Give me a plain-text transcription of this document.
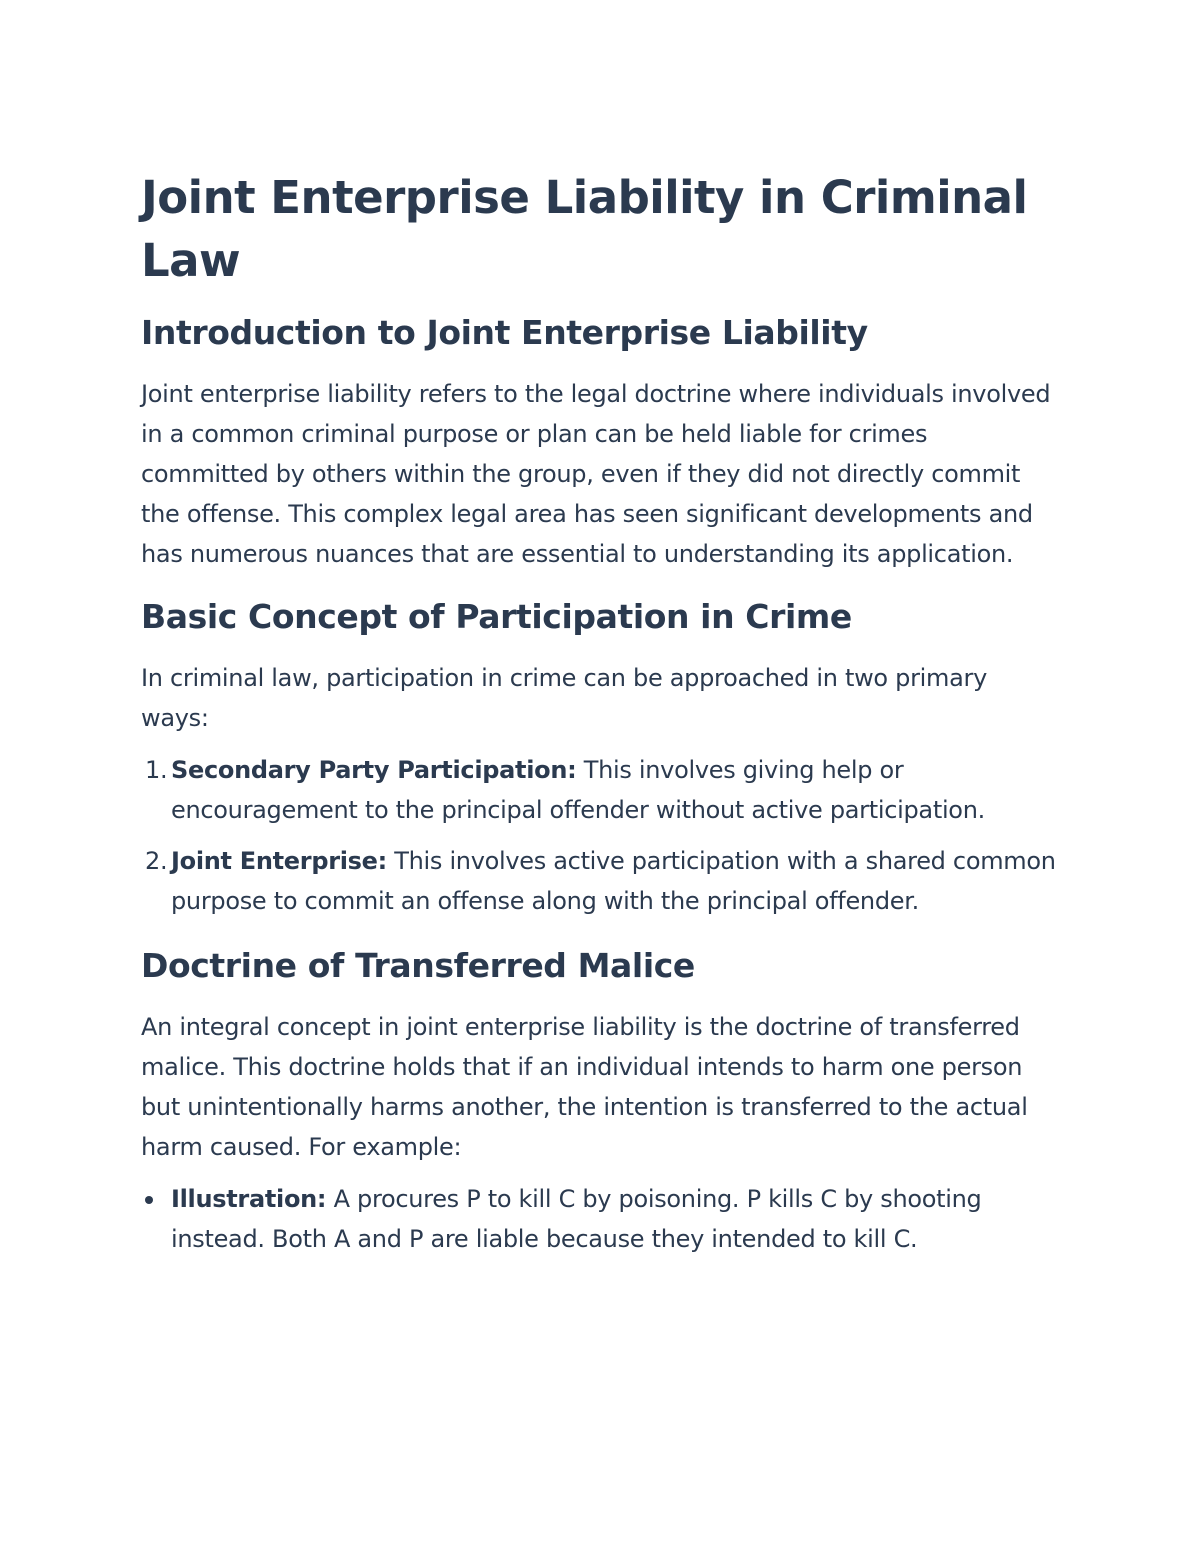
Joint Enterprise Liability in Criminal Law
Introduction to Joint Enterprise Liability

Joint enterprise liability refers to the legal doctrine where individuals involved in a common criminal purpose or plan can be held liable for crimes committed by others within the group, even if they did not directly commit the offense. This complex legal area has seen significant developments and has numerous nuances that are essential to understanding its application.

Basic Concept of Participation in Crime

In criminal law, participation in crime can be approached in two primary ways:

1. Secondary Party Participation: This involves giving help or encouragement to the principal offender without active participation.
2. Joint Enterprise: This involves active participation with a shared common purpose to commit an offense along with the principal offender.
Doctrine of Transferred Malice

An integral concept in joint enterprise liability is the doctrine of transferred malice. This doctrine holds that if an individual intends to harm one person but unintentionally harms another, the intention is transferred to the actual harm caused. For example:

Illustration: A procures P to kill C by poisoning. P kills C by shooting instead. Both A and P are liable because they intended to kill C.
